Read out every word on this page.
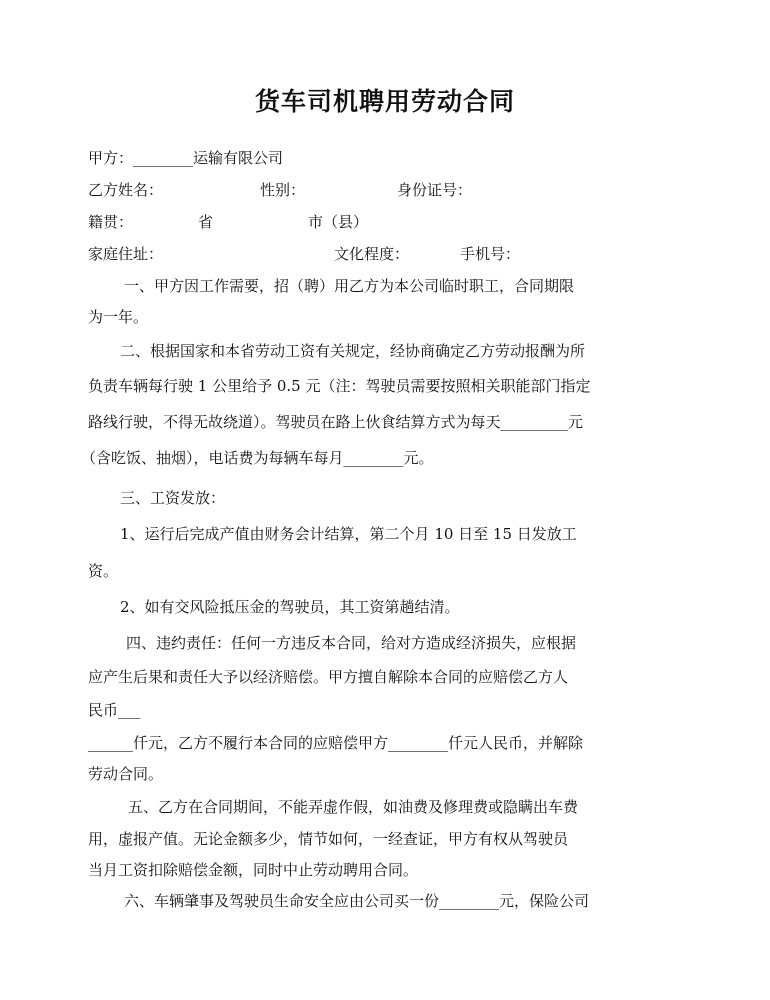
货车司机聘用劳动合同
甲方：________运输有限公司
乙方姓名：	性别：	身份证号：
籍贯：	省	市（县）
家庭住址：	文化程度：	手机号：
一、甲方因工作需要，招（聘）用乙方为本公司临时职工，合同期限
为一年。
二、根据国家和本省劳动工资有关规定，经协商确定乙方劳动报酬为所
负责车辆每行驶 1 公里给予 0.5 元（注：驾驶员需要按照相关职能部门指定
路线行驶，不得无故绕道）。驾驶员在路上伙食结算方式为每天_________元
（含吃饭、抽烟），电话费为每辆车每月________元。
三、工资发放：
1、运行后完成产值由财务会计结算，第二个月 10 日至 15 日发放工
资。
2、如有交风险抵压金的驾驶员，其工资第趟结清。
四、违约责任：任何一方违反本合同，给对方造成经济损失，应根据
应产生后果和责任大予以经济赔偿。甲方擅自解除本合同的应赔偿乙方人
民币___
______仟元，乙方不履行本合同的应赔偿甲方________仟元人民币，并解除
劳动合同。
五、乙方在合同期间，不能弄虚作假，如油费及修理费或隐瞒出车费
用，虚报产值。无论金额多少，情节如何，一经查证，甲方有权从驾驶员
当月工资扣除赔偿金额，同时中止劳动聘用合同。
六、车辆肇事及驾驶员生命安全应由公司买一份________元，保险公司
